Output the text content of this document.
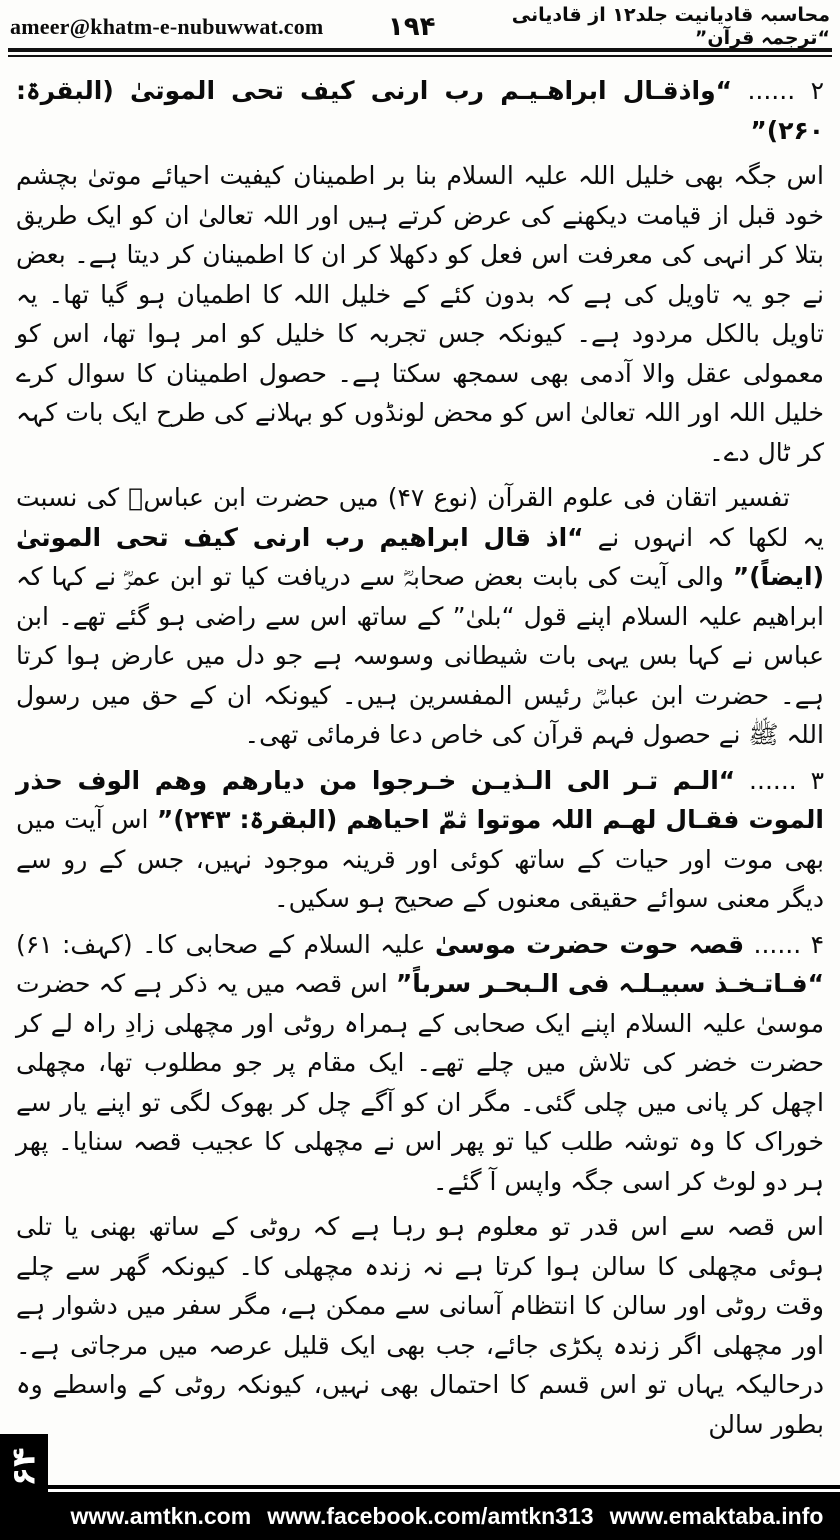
ameer@khatm-e-nubuwwat.com ۱۹۴	محاسبہ قادیانیت جلد۱۲ از قادیانی “ترجمہ قرآن”

۲ ...... “واذقـال ابراھـیـم رب ارنی کیف تحی الموتیٰ (البقرۃ: ۲۶۰)”

اس جگہ بھی خلیل اللہ علیہ السلام بنا بر اطمینان کیفیت احیائے موتیٰ بچشم خود قبل از قیامت دیکھنے کی عرض کرتے ہیں اور اللہ تعالیٰ ان کو ایک طریق بتلا کر انہی کی معرفت اس فعل کو دکھلا کر ان کا اطمینان کر دیتا ہے۔ بعض نے جو یہ تاویل کی ہے کہ بدون کئے کے خلیل اللہ کا اطمیان ہو گیا تھا۔ یہ تاویل بالکل مردود ہے۔ کیونکہ جس تجربہ کا خلیل کو امر ہوا تھا، اس کو معمولی عقل والا آدمی بھی سمجھ سکتا ہے۔ حصول اطمینان کا سوال کرے خلیل اللہ اور اللہ تعالیٰ اس کو محض لونڈوں کو بہلانے کی طرح ایک بات کہہ کر ٹال دے۔

تفسیر اتقان فی علوم القرآن (نوع ۴۷) میں حضرت ابن عباسؓ کی نسبت یہ لکھا کہ انہوں نے “اذ قال ابراھیم رب ارنی کیف تحی الموتیٰ (ایضاً)” والی آیت کی بابت بعض صحابہؓ سے دریافت کیا تو ابن عمرؓ نے کہا کہ ابراھیم علیہ السلام اپنے قول “بلیٰ” کے ساتھ اس سے راضی ہو گئے تھے۔ ابن عباس نے کہا بس یہی بات شیطانی وسوسہ ہے جو دل میں عارض ہوا کرتا ہے۔ حضرت ابن عباسؓ رئیس المفسرین ہیں۔ کیونکہ ان کے حق میں رسول اللہ ﷺ نے حصول فہم قرآن کی خاص دعا فرمائی تھی۔

۳ ...... “الـم تـر الی الـذیـن خـرجوا من دیارھم وھم الوف حذر الموت فقـال لھـم اللہ موتوا ثمّ احیاھم (البقرۃ: ۲۴۳)” اس آیت میں بھی موت اور حیات کے ساتھ کوئی اور قرینہ موجود نہیں، جس کے رو سے دیگر معنی سوائے حقیقی معنوں کے صحیح ہو سکیں۔

۴ ...... قصہ حوت حضرت موسیٰ علیہ السلام کے صحابی کا۔ (کہف: ۶۱) “فـاتـخـذ سبیـلـہ فی الـبحـر سرباً” اس قصہ میں یہ ذکر ہے کہ حضرت موسیٰ علیہ السلام اپنے ایک صحابی کے ہمراہ روٹی اور مچھلی زادِ راہ لے کر حضرت خضر کی تلاش میں چلے تھے۔ ایک مقام پر جو مطلوب تھا، مچھلی اچھل کر پانی میں چلی گئی۔ مگر ان کو آگے چل کر بھوک لگی تو اپنے یار سے خوراک کا وہ توشہ طلب کیا تو پھر اس نے مچھلی کا عجیب قصہ سنایا۔ پھر ہر دو لوٹ کر اسی جگہ واپس آ گئے۔

اس قصہ سے اس قدر تو معلوم ہو رہا ہے کہ روٹی کے ساتھ بھنی یا تلی ہوئی مچھلی کا سالن ہوا کرتا ہے نہ زندہ مچھلی کا۔ کیونکہ گھر سے چلے وقت روٹی اور سالن کا انتظام آسانی سے ممکن ہے، مگر سفر میں دشوار ہے اور مچھلی اگر زندہ پکڑی جائے، جب بھی ایک قلیل عرصہ میں مرجاتی ہے۔ درحالیکہ یہاں تو اس قسم کا احتمال بھی نہیں، کیونکہ روٹی کے واسطے وہ بطور سالن

www.amtkn.com www.facebook.com/amtkn313 www.emaktaba.info
۶۴
